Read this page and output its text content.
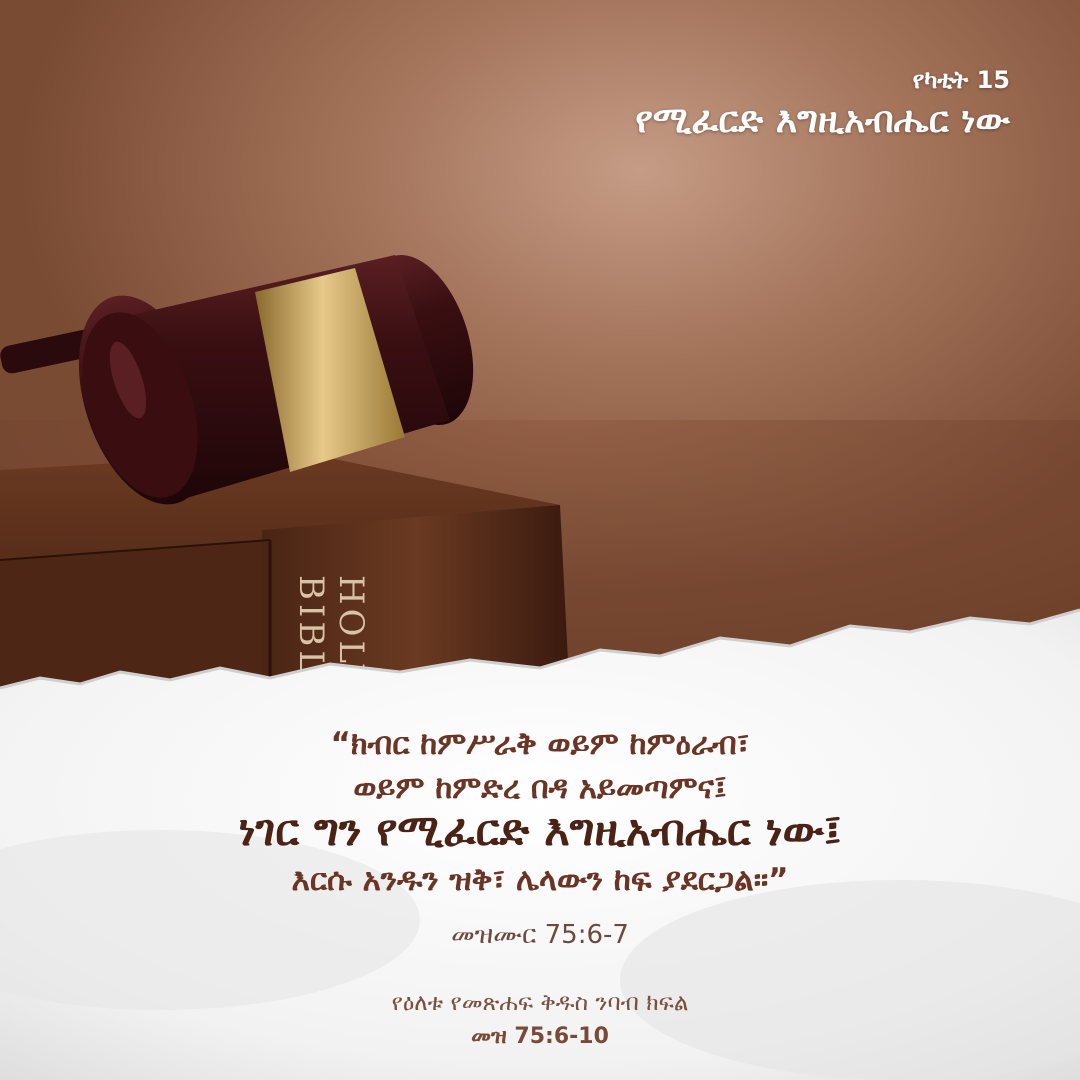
HOLY
BIBLE
የካቲት 15
የሚፈርድ እግዚአብሔር ነው
“ክብር ከምሥራቅ ወይም ከምዕራብ፣
ወይም ከምድረ በዳ አይመጣምና፤
ነገር ግን የሚፈርድ እግዚአብሔር ነው፤
እርሱ አንዱን ዝቅ፣ ሌላውን ከፍ ያደርጋል።”
መዝሙር 75:6-7
የዕለቱ የመጽሐፍ ቅዱስ ንባብ ክፍል
መዝ 75:6-10
